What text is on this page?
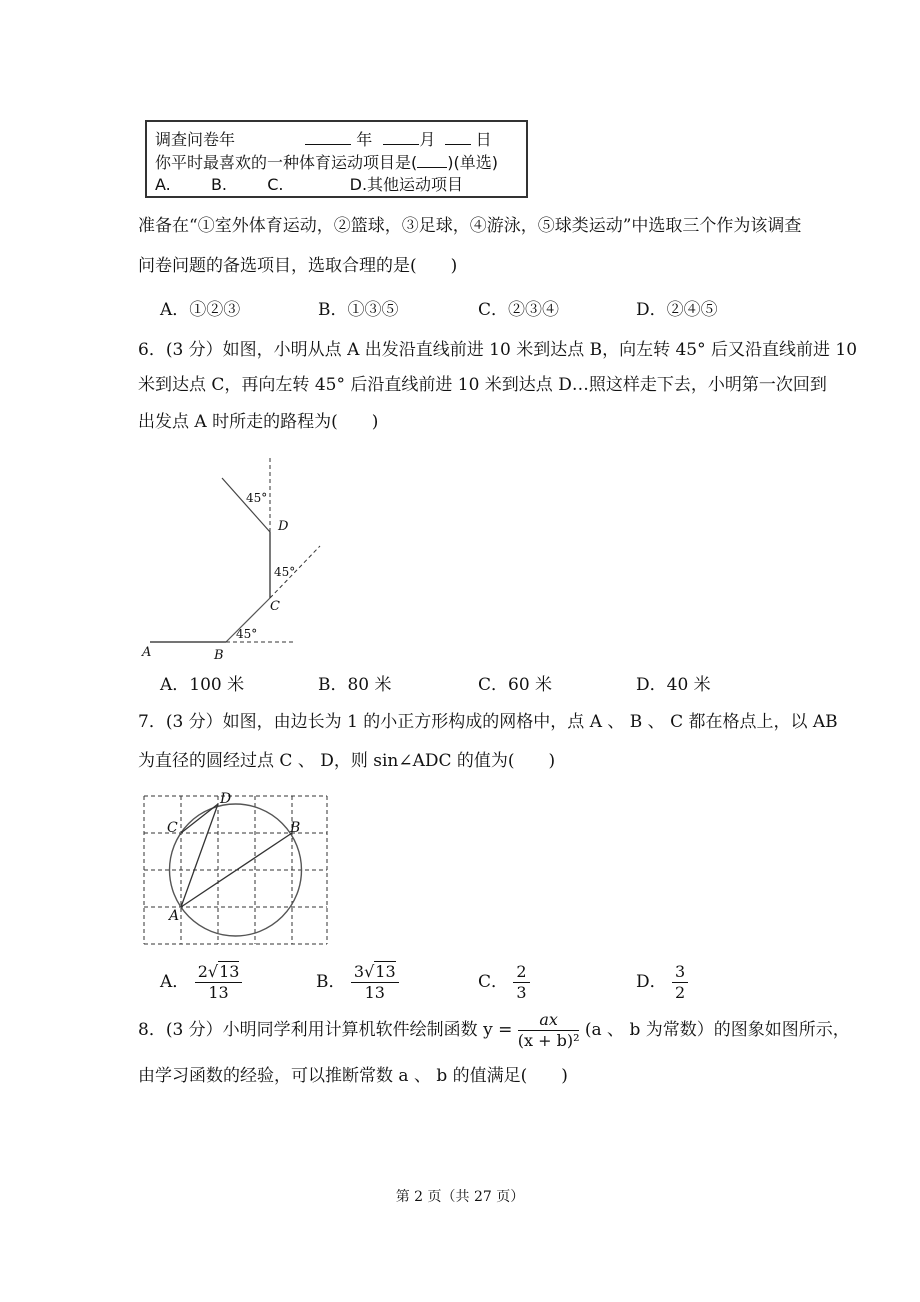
调查问卷年	年	月	日
你平时最喜欢的一种体育运动项目是( )(单选)
A.	B.	C.	D.其他运动项目
准备在“①室外体育运动，②篮球，③足球，④游泳，⑤球类运动”中选取三个作为该调查
问卷问题的备选项目，选取合理的是(　　)
A．①②③	B．①③⑤	C．②③④	D．②④⑤
6．(3 分）如图，小明从点 A 出发沿直线前进 10 米到达点 B，向左转 45° 后又沿直线前进 10
米到达点 C，再向左转 45° 后沿直线前进 10 米到达点 D…照这样走下去，小明第一次回到
出发点 A 时所走的路程为(　　)
A	B
C
D
45°
45°
45°
A．100 米	B．80 米	C．60 米	D．40 米
7．(3 分）如图，由边长为 1 的小正方形构成的网格中，点 A 、 B 、 C 都在格点上，以 AB
为直径的圆经过点 C 、 D，则 sin∠ADC 的值为(　　)
A
B
C
D
A． $\frac{2√13}{13}$	B． $\frac{3√13}{13}$	C． $\frac{2}{3}$	D． $\frac{3}{2}$
8．(3 分）小明同学利用计算机软件绘制函数 $y = \frac{ax}{\text{(x + b)²}} (a$ 、 b 为常数）的图象如图所示，
由学习函数的经验，可以推断常数 a 、 b 的值满足(　　)
第 2 页（共 27 页）
